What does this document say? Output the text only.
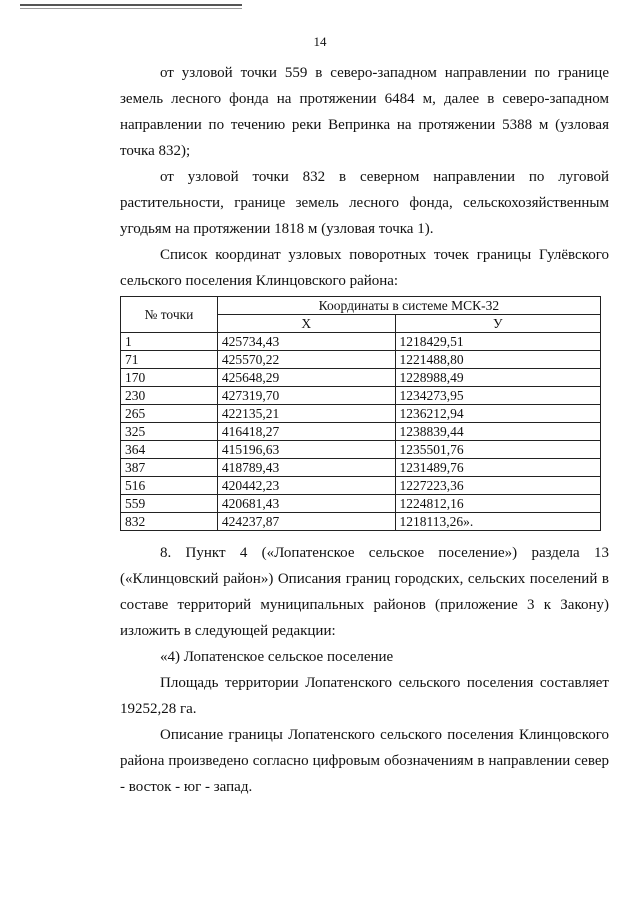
14

от узловой точки 559 в северо-западном направлении по границе земель лесного фонда на протяжении 6484 м, далее в северо-западном направлении по течению реки Вепринка на протяжении 5388 м (узловая точка 832);

от узловой точки 832 в северном направлении по луговой растительности, границе земель лесного фонда, сельскохозяйственным угодьям на протяжении 1818 м (узловая точка 1).

Список координат узловых поворотных точек границы Гулёвского сельского поселения Клинцовского района:

№ точки	Координаты в системе МСК-32	
	X	У
1	425734,43	1218429,51
71	425570,22	1221488,80
170	425648,29	1228988,49
230	427319,70	1234273,95
265	422135,21	1236212,94
325	416418,27	1238839,44
364	415196,63	1235501,76
387	418789,43	1231489,76
516	420442,23	1227223,36
559	420681,43	1224812,16
832	424237,87	1218113,26».

8. Пункт 4 («Лопатенское сельское поселение») раздела 13 («Клинцовский район») Описания границ городских, сельских поселений в составе территорий муниципальных районов (приложение 3 к Закону) изложить в следующей редакции:

«4) Лопатенское сельское поселение

Площадь территории Лопатенского сельского поселения составляет 19252,28 га.

Описание границы Лопатенского сельского поселения Клинцовского района произведено согласно цифровым обозначениям в направлении север - восток - юг - запад.
